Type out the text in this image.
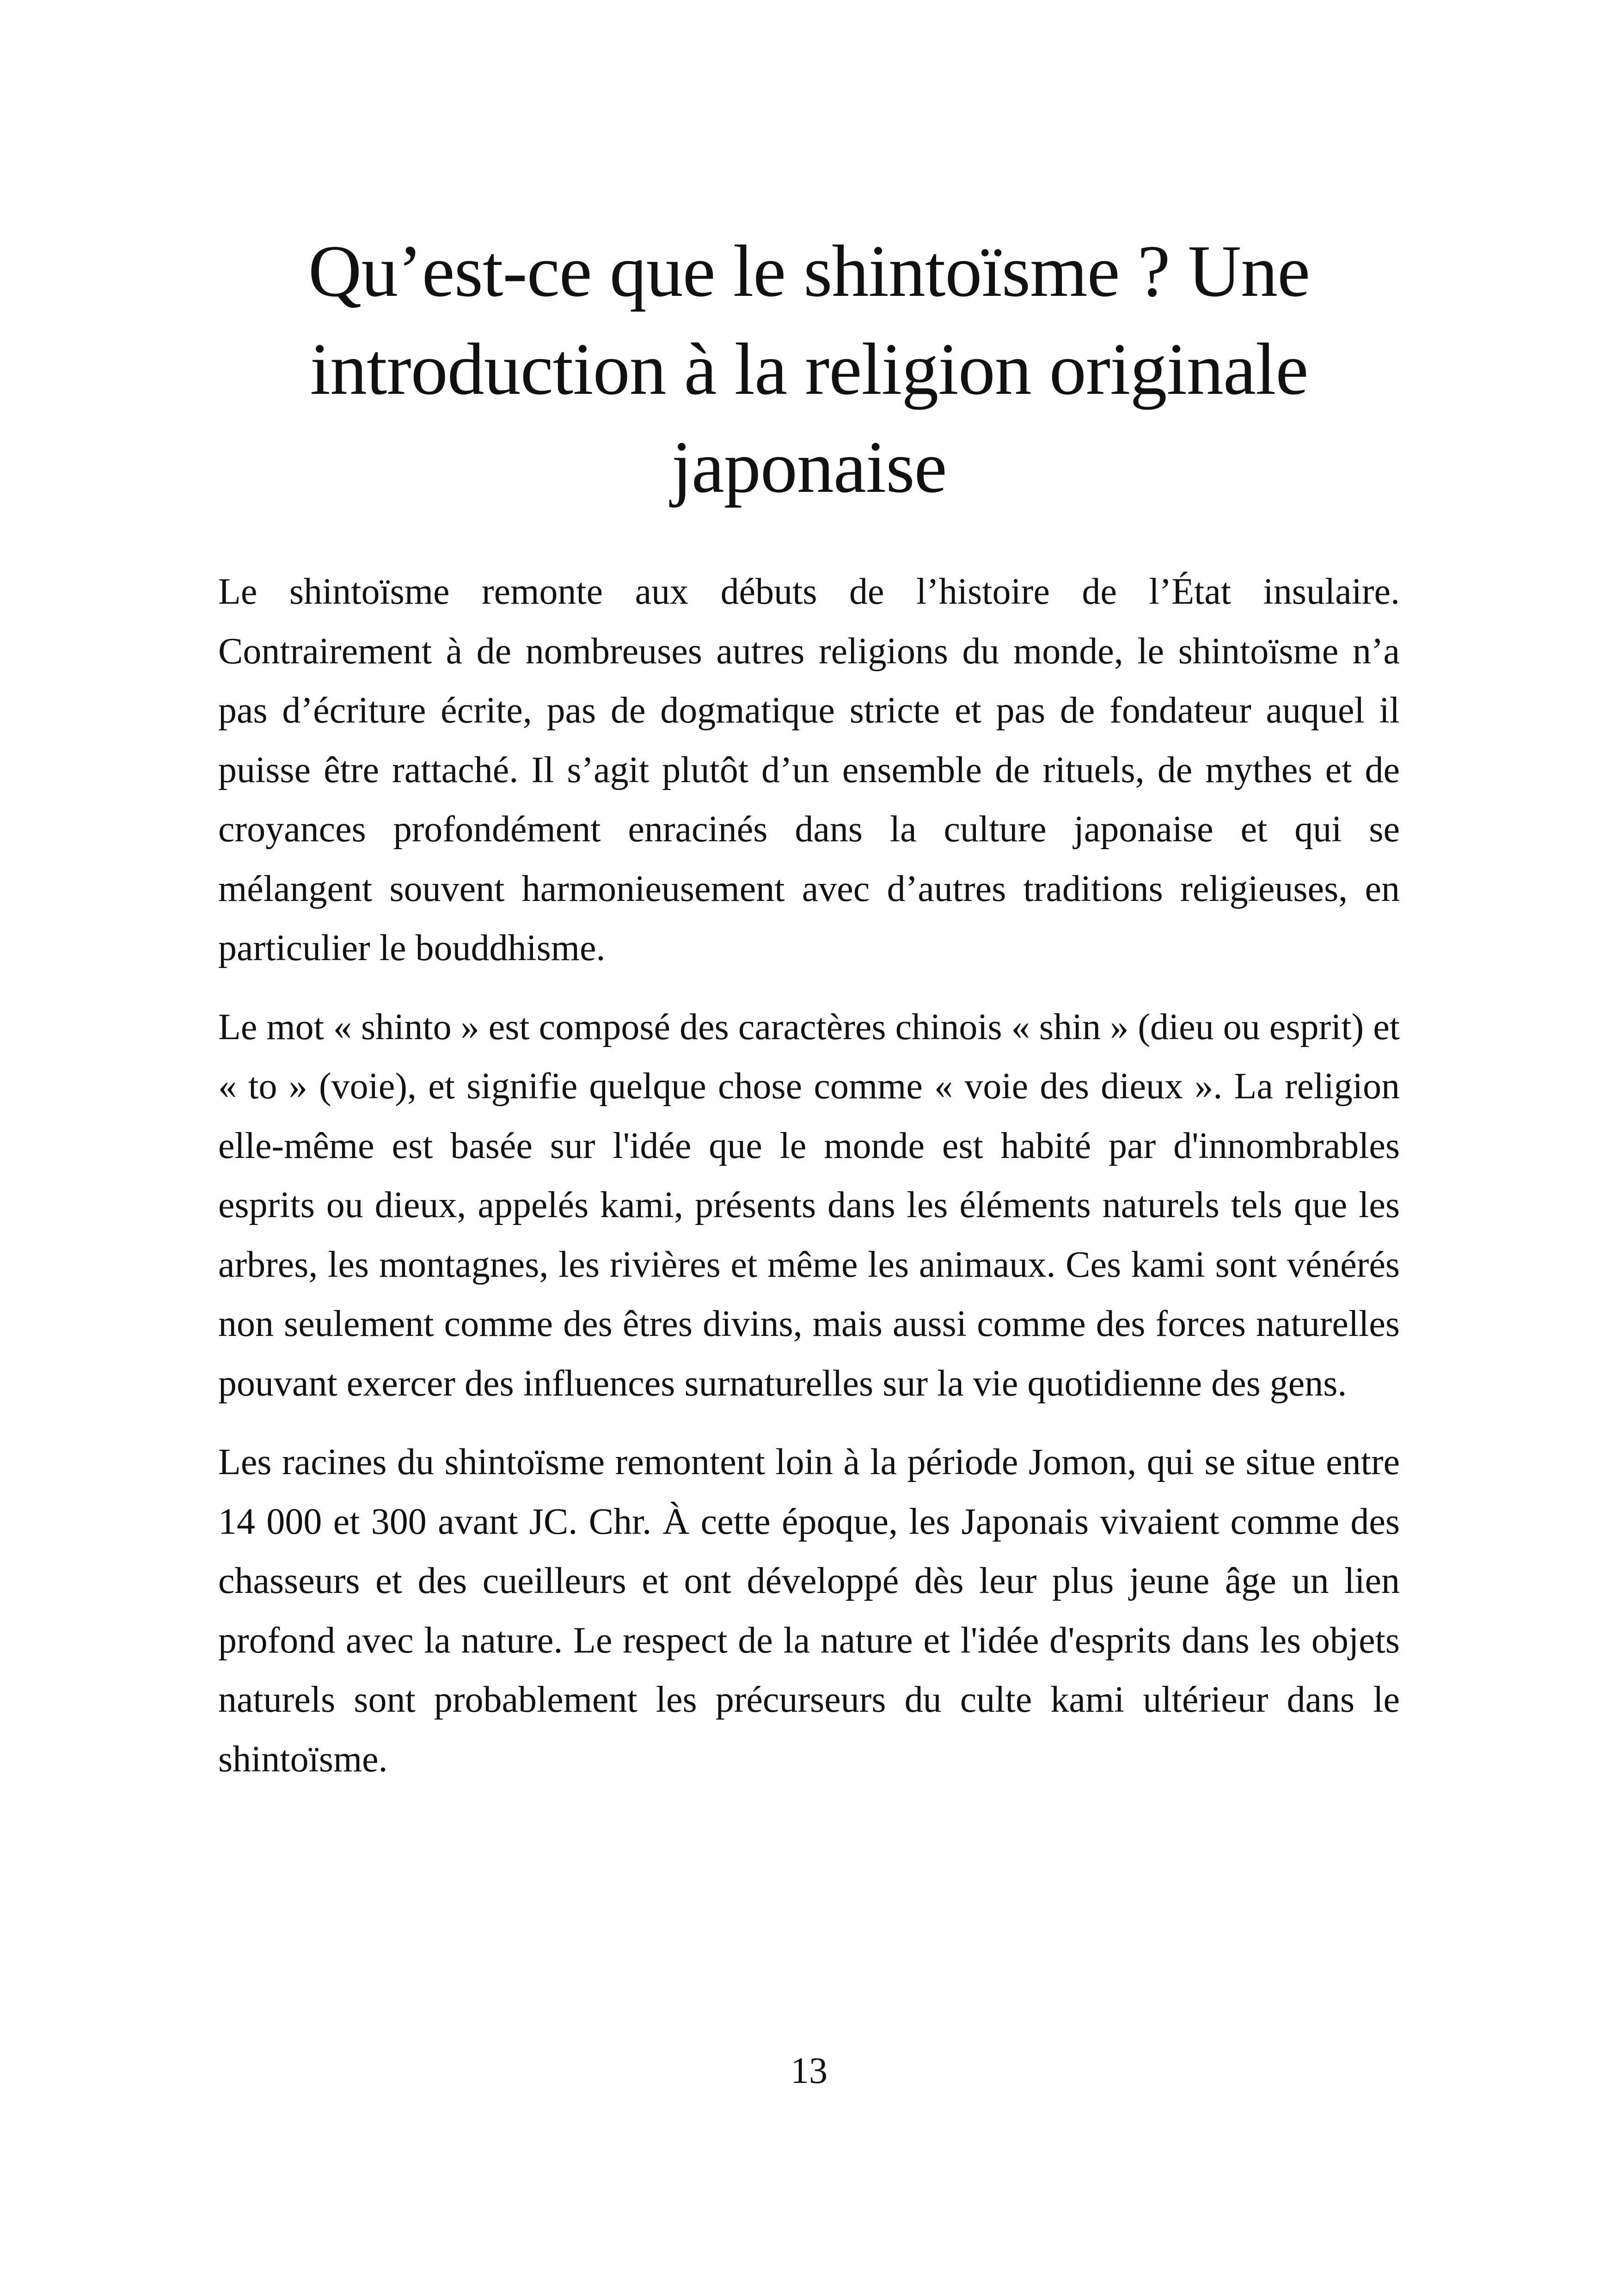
Qu’est-ce que le shintoïsme ? Une introduction à la religion originale japonaise

Le shintoïsme remonte aux débuts de l’histoire de l’État insulaire. Contrairement à de nombreuses autres religions du monde, le shintoïsme n’a pas d’écriture écrite, pas de dogmatique stricte et pas de fondateur auquel il puisse être rattaché. Il s’agit plutôt d’un ensemble de rituels, de mythes et de croyances profondément enracinés dans la culture japonaise et qui se mélangent souvent harmonieusement avec d’autres traditions religieuses, en particulier le bouddhisme.

Le mot « shinto » est composé des caractères chinois « shin » (dieu ou esprit) et « to » (voie), et signifie quelque chose comme « voie des dieux ». La religion elle-même est basée sur l'idée que le monde est habité par d'innombrables esprits ou dieux, appelés kami, présents dans les éléments naturels tels que les arbres, les montagnes, les rivières et même les animaux. Ces kami sont vénérés non seulement comme des êtres divins, mais aussi comme des forces naturelles pouvant exercer des influences surnaturelles sur la vie quotidienne des gens.

Les racines du shintoïsme remontent loin à la période Jomon, qui se situe entre 14 000 et 300 avant JC. Chr. À cette époque, les Japonais vivaient comme des chasseurs et des cueilleurs et ont développé dès leur plus jeune âge un lien profond avec la nature. Le respect de la nature et l'idée d'esprits dans les objets naturels sont probablement les précurseurs du culte kami ultérieur dans le shintoïsme.

13
